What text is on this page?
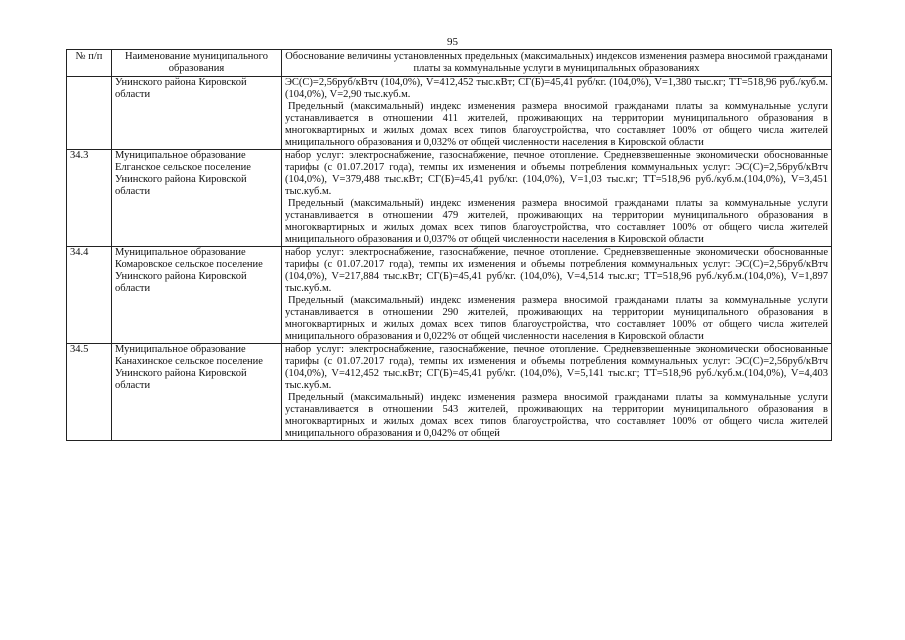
95
№ п/п	Наименование муниципального образования	Обоснование величины установленных предельных (максимальных) индексов изменения размера вносимой гражданами платы за коммунальные услуги в муниципальных образованиях
	Унинского района Кировской области	ЭС(С)=2,56руб/кВтч (104,0%), V=412,452 тыс.кВт; СГ(Б)=45,41 руб/кг. (104,0%), V=1,380 тыс.кг; ТТ=518,96 руб./куб.м.(104,0%), V=2,90 тыс.куб.м.

Предельный (максимальный) индекс изменения размера вносимой гражданами платы за коммунальные услуги устанавливается в отношении 411 жителей, проживающих на территории муниципального образования в многоквартирных и жилых домах всех типов благоустройства, что составляет 100% от общего числа жителей мниципального образования и 0,032% от общей численности населения в Кировской области

34.3	Муниципальное образование Елганское сельское поселение Унинского района Кировской области	набор услуг: электроснабжение, газоснабжение, печное отопление. Средневзвешенные экономически обоснованные тарифы (с 01.07.2017 года), темпы их изменения и объемы потребления коммунальных услуг: ЭС(С)=2,56руб/кВтч (104,0%), V=379,488 тыс.кВт; СГ(Б)=45,41 руб/кг. (104,0%), V=1,03 тыс.кг; ТТ=518,96 руб./куб.м.(104,0%), V=3,451 тыс.куб.м.

Предельный (максимальный) индекс изменения размера вносимой гражданами платы за коммунальные услуги устанавливается в отношении 479 жителей, проживающих на территории муниципального образования в многоквартирных и жилых домах всех типов благоустройства, что составляет 100% от общего числа жителей мниципального образования и 0,037% от общей численности населения в Кировской области

34.4	Муниципальное образование Комаровское сельское поселение Унинского района Кировской области	набор услуг: электроснабжение, газоснабжение, печное отопление. Средневзвешенные экономически обоснованные тарифы (с 01.07.2017 года), темпы их изменения и объемы потребления коммунальных услуг: ЭС(С)=2,56руб/кВтч (104,0%), V=217,884 тыс.кВт; СГ(Б)=45,41 руб/кг. (104,0%), V=4,514 тыс.кг; ТТ=518,96 руб./куб.м.(104,0%), V=1,897 тыс.куб.м.

Предельный (максимальный) индекс изменения размера вносимой гражданами платы за коммунальные услуги устанавливается в отношении 290 жителей, проживающих на территории муниципального образования в многоквартирных и жилых домах всех типов благоустройства, что составляет 100% от общего числа жителей мниципального образования и 0,022% от общей численности населения в Кировской области

34.5	Муниципальное образование Канахинское сельское поселение Унинского района Кировской области	набор услуг: электроснабжение, газоснабжение, печное отопление. Средневзвешенные экономически обоснованные тарифы (с 01.07.2017 года), темпы их изменения и объемы потребления коммунальных услуг: ЭС(С)=2,56руб/кВтч (104,0%), V=412,452 тыс.кВт; СГ(Б)=45,41 руб/кг. (104,0%), V=5,141 тыс.кг; ТТ=518,96 руб./куб.м.(104,0%), V=4,403 тыс.куб.м.

Предельный (максимальный) индекс изменения размера вносимой гражданами платы за коммунальные услуги устанавливается в отношении 543 жителей, проживающих на территории муниципального образования в многоквартирных и жилых домах всех типов благоустройства, что составляет 100% от общего числа жителей мниципального образования и 0,042% от общей
